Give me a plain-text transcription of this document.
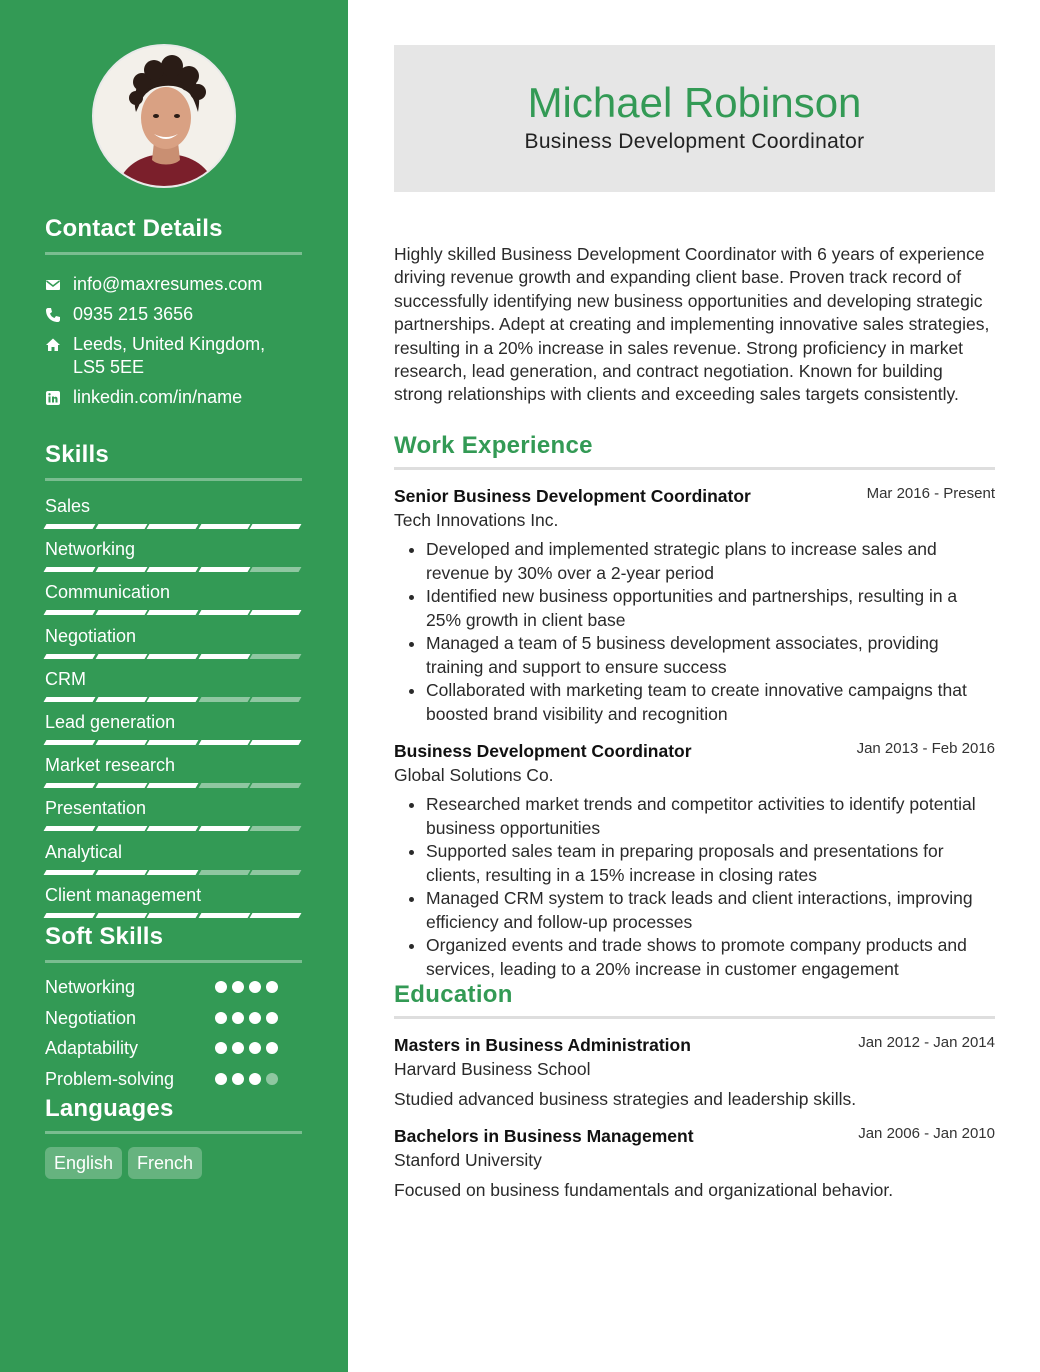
Contact Details
info@maxresumes.com
0935 215 3656
Leeds, United Kingdom, LS5 5EE
linkedin.com/in/name
Skills
Sales
Networking
Communication
Negotiation
CRM
Lead generation
Market research
Presentation
Analytical
Client management
Soft Skills
Networking
Negotiation
Adaptability
Problem-solving
Languages
English	French
Michael Robinson
Business Development Coordinator
Highly skilled Business Development Coordinator with 6 years of experience driving revenue growth and expanding client base. Proven track record of successfully identifying new business opportunities and developing strategic partnerships. Adept at creating and implementing innovative sales strategies, resulting in a 20% increase in sales revenue. Strong proficiency in market research, lead generation, and contract negotiation. Known for building strong relationships with clients and exceeding sales targets consistently.
Work Experience
Senior Business Development Coordinator	Mar 2016 - Present
Tech Innovations Inc.
• Developed and implemented strategic plans to increase sales and revenue by 30% over a 2-year period
• Identified new business opportunities and partnerships, resulting in a 25% growth in client base
• Managed a team of 5 business development associates, providing training and support to ensure success
• Collaborated with marketing team to create innovative campaigns that boosted brand visibility and recognition
Business Development Coordinator	Jan 2013 - Feb 2016
Global Solutions Co.
• Researched market trends and competitor activities to identify potential business opportunities
• Supported sales team in preparing proposals and presentations for clients, resulting in a 15% increase in closing rates
• Managed CRM system to track leads and client interactions, improving efficiency and follow-up processes
• Organized events and trade shows to promote company products and services, leading to a 20% increase in customer engagement
Education
Masters in Business Administration	Jan 2012 - Jan 2014
Harvard Business School
Studied advanced business strategies and leadership skills.
Bachelors in Business Management	Jan 2006 - Jan 2010
Stanford University
Focused on business fundamentals and organizational behavior.
